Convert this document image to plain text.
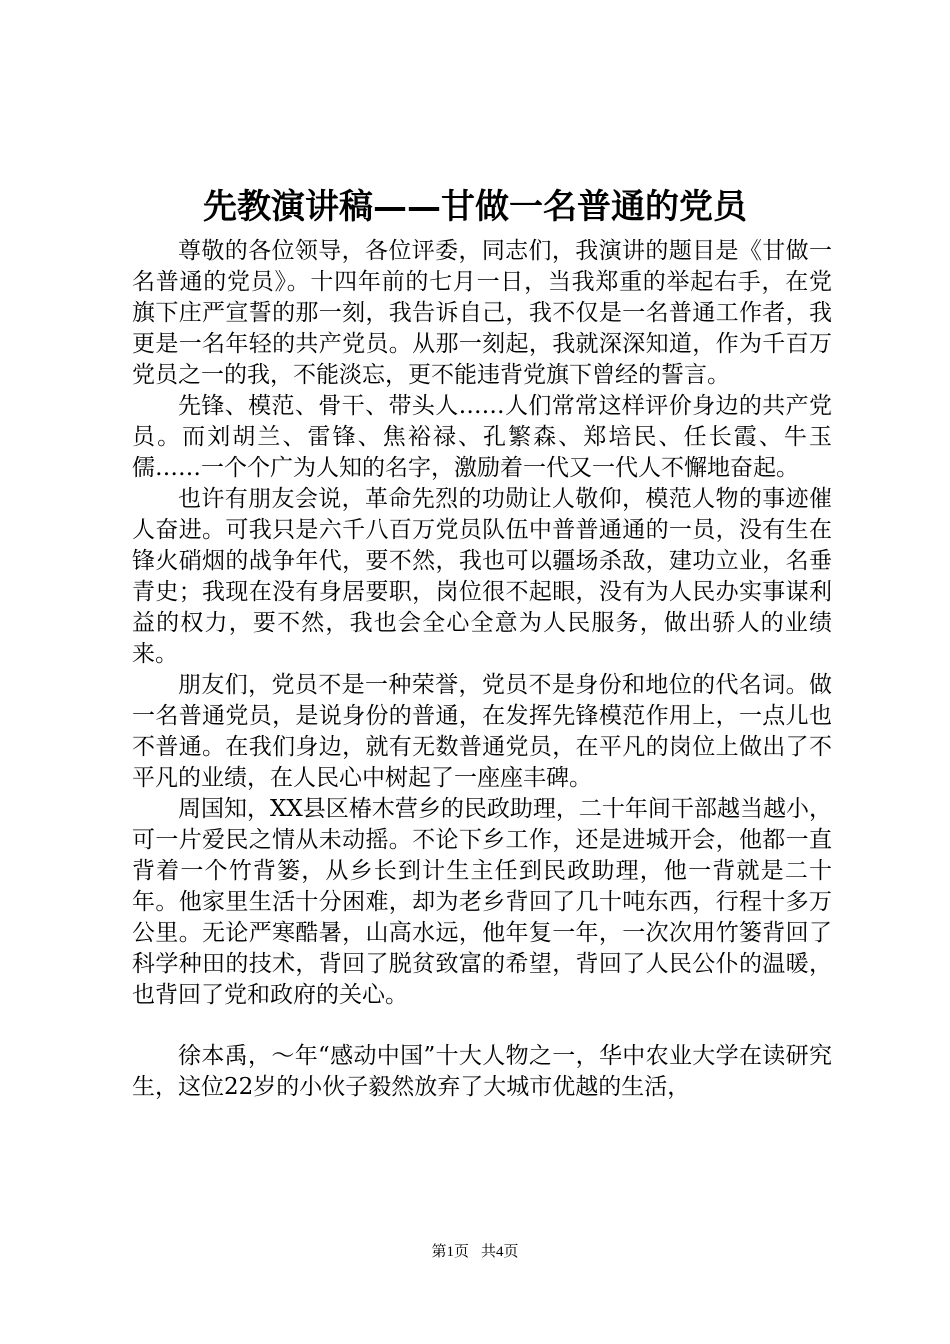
先教演讲稿——甘做一名普通的党员

尊敬的各位领导，各位评委，同志们，我演讲的题目是《甘做一名普通的党员》。十四年前的七月一日，当我郑重的举起右手，在党旗下庄严宣誓的那一刻，我告诉自己，我不仅是一名普通工作者，我更是一名年轻的共产党员。从那一刻起，我就深深知道，作为千百万党员之一的我，不能淡忘，更不能违背党旗下曾经的誓言。

先锋、模范、骨干、带头人……人们常常这样评价身边的共产党员。而刘胡兰、雷锋、焦裕禄、孔繁森、郑培民、任长霞、牛玉儒……一个个广为人知的名字，激励着一代又一代人不懈地奋起。

也许有朋友会说，革命先烈的功勋让人敬仰，模范人物的事迹催人奋进。可我只是六千八百万党员队伍中普普通通的一员，没有生在锋火硝烟的战争年代，要不然，我也可以疆场杀敌，建功立业，名垂青史；我现在没有身居要职，岗位很不起眼，没有为人民办实事谋利益的权力，要不然，我也会全心全意为人民服务，做出骄人的业绩来。

朋友们，党员不是一种荣誉，党员不是身份和地位的代名词。做一名普通党员，是说身份的普通，在发挥先锋模范作用上，一点儿也不普通。在我们身边，就有无数普通党员，在平凡的岗位上做出了不平凡的业绩，在人民心中树起了一座座丰碑。

周国知，XX县区椿木营乡的民政助理，二十年间干部越当越小，可一片爱民之情从未动摇。不论下乡工作，还是进城开会，他都一直背着一个竹背篓，从乡长到计生主任到民政助理，他一背就是二十年。他家里生活十分困难，却为老乡背回了几十吨东西，行程十多万公里。无论严寒酷暑，山高水远，他年复一年，一次次用竹篓背回了科学种田的技术，背回了脱贫致富的希望，背回了人民公仆的温暖，也背回了党和政府的关心。

徐本禹，～年“感动中国”十大人物之一，华中农业大学在读研究生，这位22岁的小伙子毅然放弃了大城市优越的生活，

第1页 共4页
